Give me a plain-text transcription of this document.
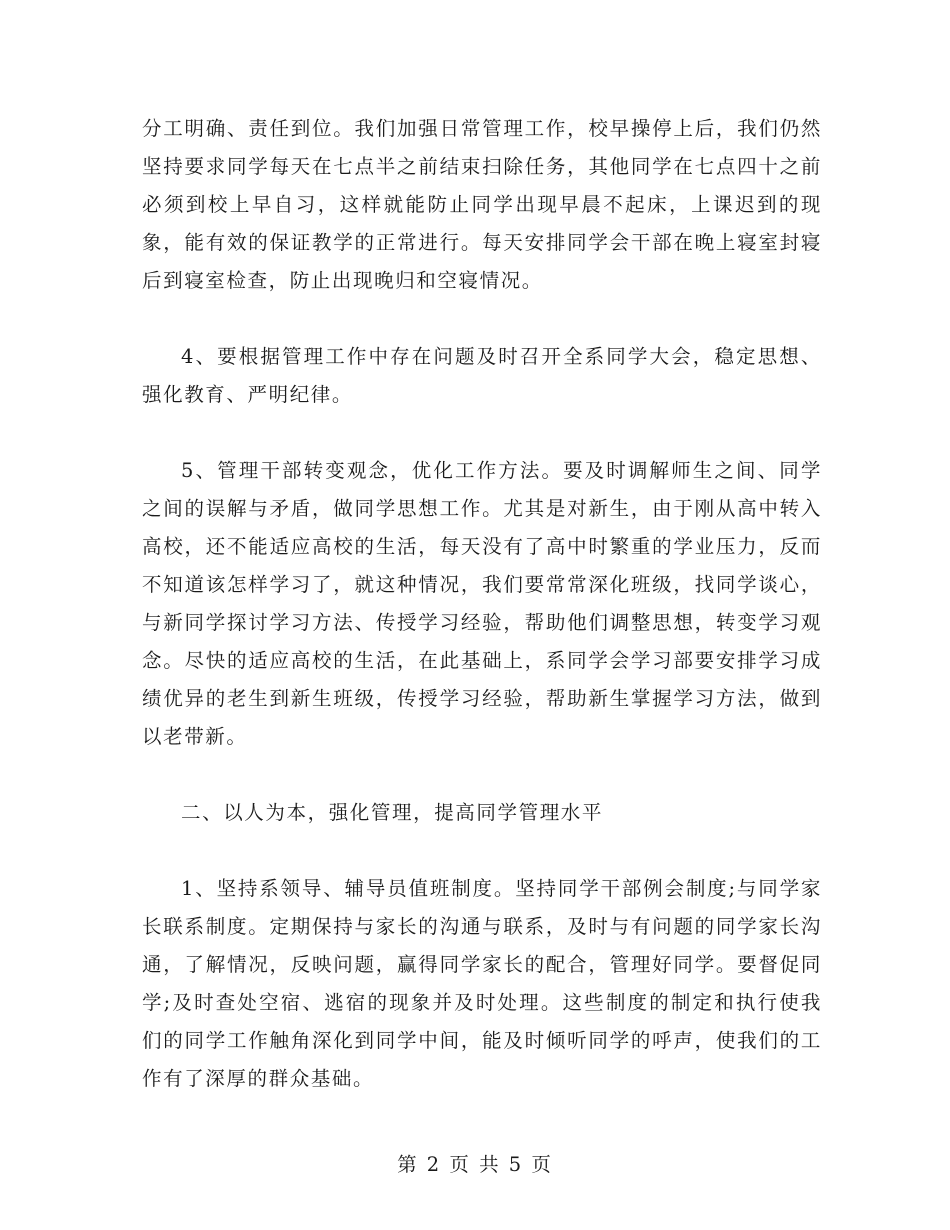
分工明确、责任到位。我们加强日常管理工作，校早操停上后，我们仍然坚持要求同学每天在七点半之前结束扫除任务，其他同学在七点四十之前必须到校上早自习，这样就能防止同学出现早晨不起床，上课迟到的现象，能有效的保证教学的正常进行。每天安排同学会干部在晚上寝室封寝后到寝室检查，防止出现晚归和空寝情况。

4、要根据管理工作中存在问题及时召开全系同学大会，稳定思想、强化教育、严明纪律。

5、管理干部转变观念，优化工作方法。要及时调解师生之间、同学之间的误解与矛盾，做同学思想工作。尤其是对新生，由于刚从高中转入高校，还不能适应高校的生活，每天没有了高中时繁重的学业压力，反而不知道该怎样学习了，就这种情况，我们要常常深化班级，找同学谈心，与新同学探讨学习方法、传授学习经验，帮助他们调整思想，转变学习观念。尽快的适应高校的生活，在此基础上，系同学会学习部要安排学习成绩优异的老生到新生班级，传授学习经验，帮助新生掌握学习方法，做到以老带新。

二、以人为本，强化管理，提高同学管理水平

1、坚持系领导、辅导员值班制度。坚持同学干部例会制度;与同学家长联系制度。定期保持与家长的沟通与联系，及时与有问题的同学家长沟通，了解情况，反映问题，赢得同学家长的配合，管理好同学。要督促同学;及时查处空宿、逃宿的现象并及时处理。这些制度的制定和执行使我们的同学工作触角深化到同学中间，能及时倾听同学的呼声，使我们的工作有了深厚的群众基础。

第 2 页 共 5 页
